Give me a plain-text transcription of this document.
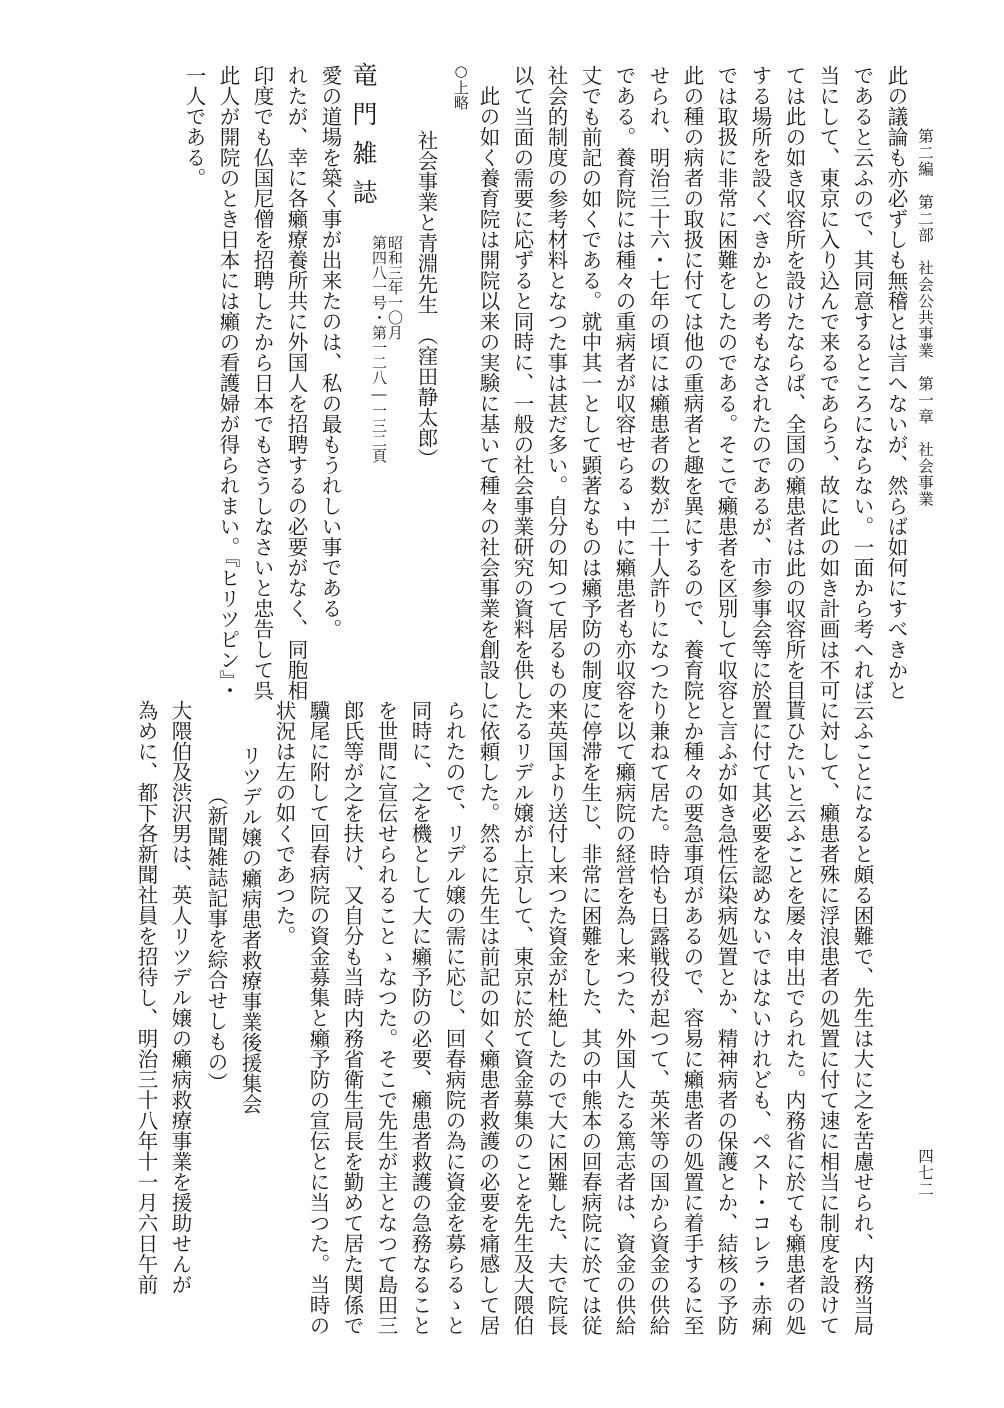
第二編　第二部　社会公共事業　第一章　社会事業
四七二
一人である。 此人が開院のとき日本には癩の看護婦が得られまい。『ヒリツピン』・ 印度でも仏国尼僧を招聘したから日本でもさうしなさいと忠告して呉 れたが、幸に各癩療養所共に外国人を招聘するの必要がなく、同胞相 愛の道場を築く事が出来たのは、私の最もうれしい事である。 竜門雑誌
第四八一号・第一二八―一三二頁
昭和三年一〇月 社会事業と青淵先生　（窪田静太郎）
○上略 　此の如く養育院は開院以来の実験に基いて種々の社会事業を創設し 以て当面の需要に応ずると同時に、一般の社会事業研究の資料を供し 社会的制度の参考材料となつた事は甚だ多い。自分の知つて居るもの 丈でも前記の如くである。就中其一として顕著なものは癩予防の制度 である。養育院には種々の重病者が収容せらるゝ中に癩患者も亦収容 せられ、明治三十六・七年の頃には癩患者の数が二十人許りになつた 此の種の病者の取扱に付ては他の重病者と趣を異にするので、養育院 では取扱に非常に困難をしたのである。そこで癩患者を区別して収容 する場所を設くべきかとの考もなされたのであるが、市参事会等に於 ては此の如き収容所を設けたならば、全国の癩患者は此の収容所を目 当にして、東京に入り込んで来るであらう、故に此の如き計画は不可 であると云ふので、其同意するところにならない。一面から考へれば 此の議論も亦必ずしも無稽とは言へないが、然らば如何にすべきかと
云ふことになると頗る困難で、先生は大に之を苦慮せられ、内務当局
に対して、癩患者殊に浮浪患者の処置に付て速に相当に制度を設けて
貰ひたいと云ふことを屡々申出でられた。内務省に於ても癩患者の処
置に付て其必要を認めないではないけれども、ペスト・コレラ・赤痢
と言ふが如き急性伝染病処置とか、精神病者の保護とか、結核の予防
とか種々の要急事項があるので、容易に癩患者の処置に着手するに至
り兼ねて居た。時恰も日露戦役が起つて、英米等の国から資金の供給
を以て癩病院の経営を為し来つた、外国人たる篤志者は、資金の供給
に停滞を生じ、非常に困難をした、其の中熊本の回春病院に於ては従
来英国より送付し来つた資金が杜絶したので大に困難した、夫で院長
たるリデル嬢が上京して、東京に於て資金募集のことを先生及大隈伯
に依頼した。然るに先生は前記の如く癩患者救護の必要を痛感して居
られたので、リデル嬢の需に応じ、回春病院の為に資金を募らるゝと
同時に、之を機として大に癩予防の必要、癩患者救護の急務なること
を世間に宣伝せられることゝなつた。そこで先生が主となつて島田三
郎氏等が之を扶け、又自分も当時内務省衛生局長を勤めて居た関係で
驥尾に附して回春病院の資金募集と癩予防の宣伝とに当つた。当時の
状況は左の如くであつた。
リツデル嬢の癩病患者救療事業後援集会
（新聞雑誌記事を綜合せしもの）
大隈伯及渋沢男は、英人リツデル嬢の癩病救療事業を援助せんが
為めに、都下各新聞社員を招待し、明治三十八年十一月六日午前
